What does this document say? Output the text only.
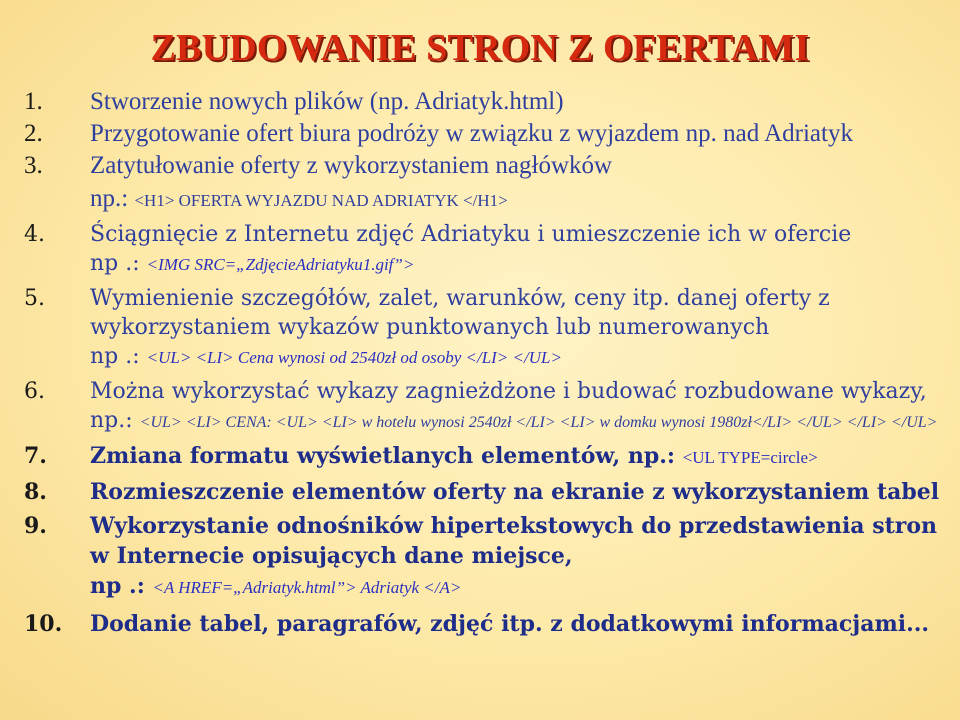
ZBUDOWANIE STRON Z OFERTAMI
1. Stworzenie nowych plików (np. Adriatyk.html)
2. Przygotowanie ofert biura podróży w związku z wyjazdem np. nad Adriatyk
3. Zatytułowanie oferty z wykorzystaniem nagłówków
np.: <H1> OFERTA WYJAZDU NAD ADRIATYK </H1>
4. Ściągnięcie z Internetu zdjęć Adriatyku i umieszczenie ich w ofercie
np .: <IMG SRC=„ZdjęcieAdriatyku1.gif”>
5. Wymienienie szczegółów, zalet, warunków, ceny itp. danej oferty z wykorzystaniem wykazów punktowanych lub numerowanych
np .: <UL> <LI> Cena wynosi od 2540zł od osoby </LI> </UL>
6. Można wykorzystać wykazy zagnieżdżone i budować rozbudowane wykazy, np.: <UL> <LI> CENA: <UL> <LI> w hotelu wynosi 2540zł </LI> <LI> w domku wynosi 1980zł</LI> </UL> </LI> </UL>
7. Zmiana formatu wyświetlanych elementów, np.: <UL TYPE=circle>
8. Rozmieszczenie elementów oferty na ekranie z wykorzystaniem tabel
9. Wykorzystanie odnośników hipertekstowych do przedstawienia stron w Internecie opisujących dane miejsce,
np .: <A HREF=„Adriatyk.html”> Adriatyk </A>
10. Dodanie tabel, paragrafów, zdjęć itp. z dodatkowymi informacjami...
